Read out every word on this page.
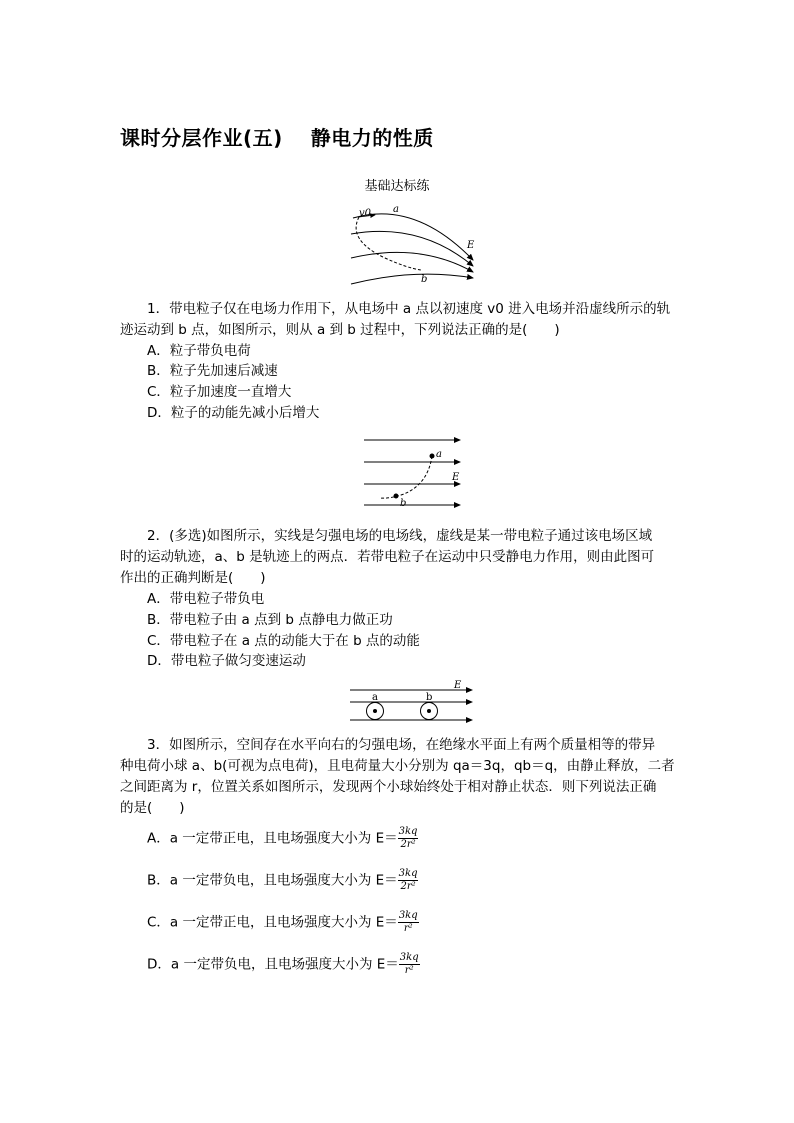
课时分层作业(五) 静电力的性质
基础达标练
v0 a
E
b
1．带电粒子仅在电场力作用下，从电场中 a 点以初速度 v0 进入电场并沿虚线所示的轨
迹运动到 b 点，如图所示，则从 a 到 b 过程中，下列说法正确的是(　　)
A．粒子带负电荷
B．粒子先加速后减速
C．粒子加速度一直增大
D．粒子的动能先减小后增大
a
E
b
2．(多选)如图所示，实线是匀强电场的电场线，虚线是某一带电粒子通过该电场区域
时的运动轨迹，a、b 是轨迹上的两点．若带电粒子在运动中只受静电力作用，则由此图可
作出的正确判断是(　　)
A．带电粒子带负电
B．带电粒子由 a 点到 b 点静电力做正功
C．带电粒子在 a 点的动能大于在 b 点的动能
D．带电粒子做匀变速运动
E
a	b
3．如图所示，空间存在水平向右的匀强电场，在绝缘水平面上有两个质量相等的带异
种电荷小球 a、b(可视为点电荷)，且电荷量大小分别为 qa＝3q，qb＝q，由静止释放，二者
之间距离为 r，位置关系如图所示，发现两个小球始终处于相对静止状态．则下列说法正确
的是(　　)
A．a 一定带正电，且电场强度大小为 $E= \frac{3kq}{\text{2r²}}$
B．a 一定带负电，且电场强度大小为 $E= \frac{3kq}{\text{2r²}}$
C．a 一定带正电，且电场强度大小为 $E= \frac{3kq}{\text{r²}}$
D．a 一定带负电，且电场强度大小为 $E= \frac{3kq}{\text{r²}}$
